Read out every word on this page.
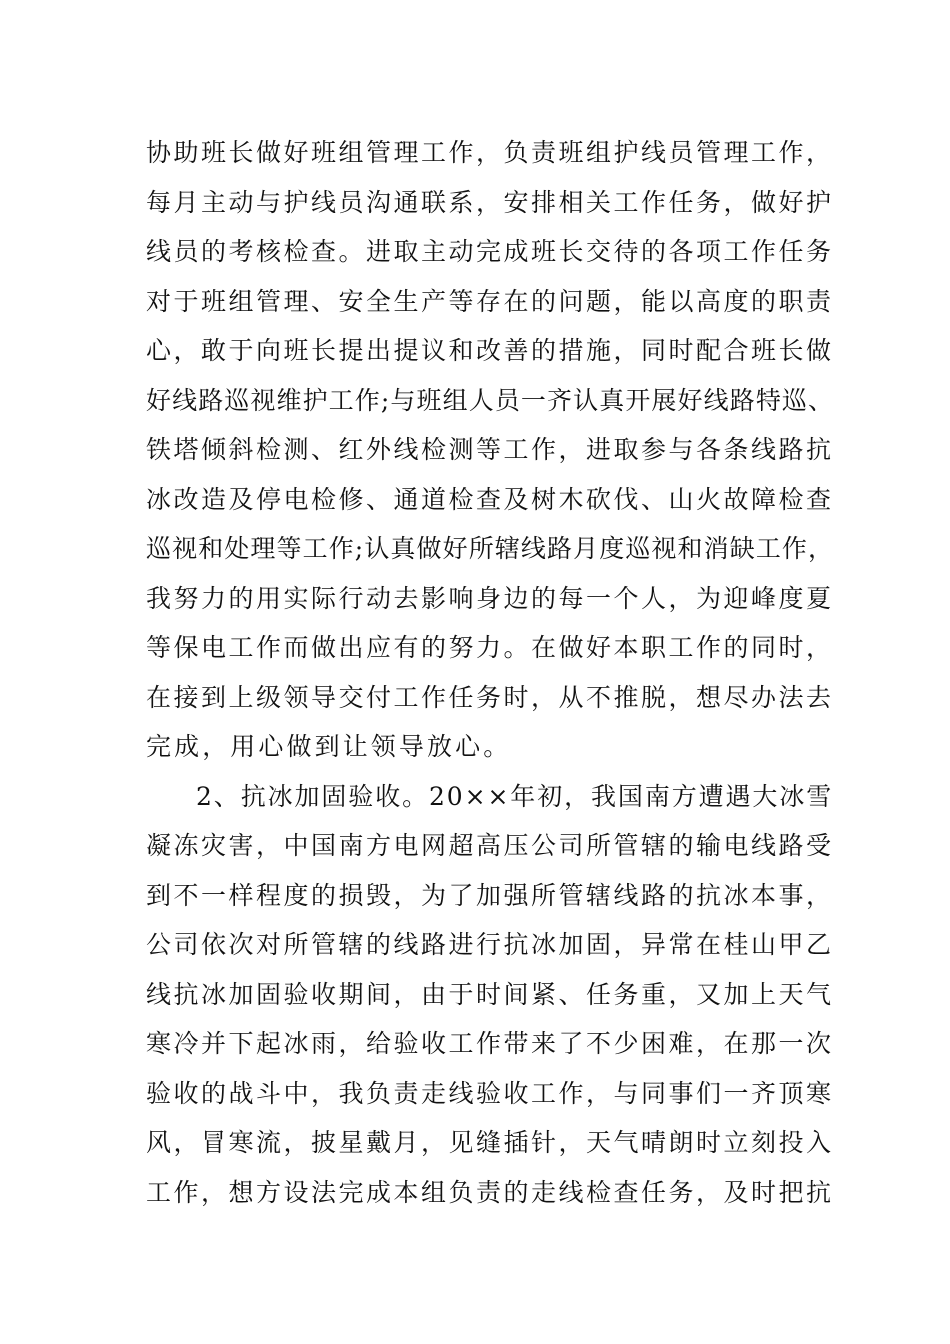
协助班长做好班组管理工作，负责班组护线员管理工作，
每月主动与护线员沟通联系，安排相关工作任务，做好护
线员的考核检查。进取主动完成班长交待的各项工作任务
对于班组管理、安全生产等存在的问题，能以高度的职责
心，敢于向班长提出提议和改善的措施，同时配合班长做
好线路巡视维护工作;与班组人员一齐认真开展好线路特巡、
铁塔倾斜检测、红外线检测等工作，进取参与各条线路抗
冰改造及停电检修、通道检查及树木砍伐、山火故障检查
巡视和处理等工作;认真做好所辖线路月度巡视和消缺工作，
我努力的用实际行动去影响身边的每一个人，为迎峰度夏
等保电工作而做出应有的努力。在做好本职工作的同时，
在接到上级领导交付工作任务时，从不推脱，想尽办法去
完成，用心做到让领导放心。
2、抗冰加固验收。20××年初，我国南方遭遇大冰雪
凝冻灾害，中国南方电网超高压公司所管辖的输电线路受
到不一样程度的损毁，为了加强所管辖线路的抗冰本事，
公司依次对所管辖的线路进行抗冰加固，异常在桂山甲乙
线抗冰加固验收期间，由于时间紧、任务重，又加上天气
寒冷并下起冰雨，给验收工作带来了不少困难，在那一次
验收的战斗中，我负责走线验收工作，与同事们一齐顶寒
风，冒寒流，披星戴月，见缝插针，天气晴朗时立刻投入
工作，想方设法完成本组负责的走线检查任务，及时把抗
